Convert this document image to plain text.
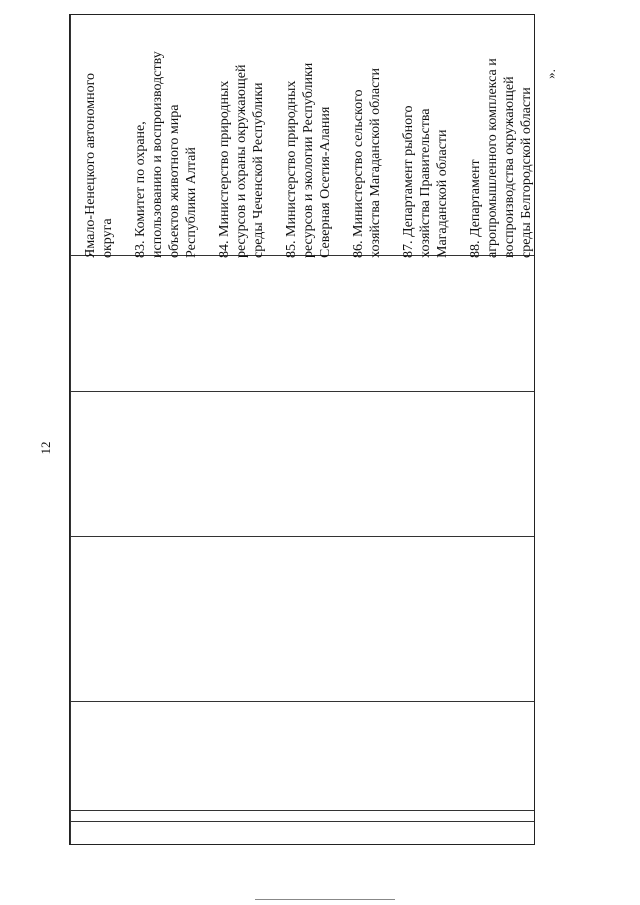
12
Ямало-Ненецкого автономного округа 83. Комитет по охране, использованию и воспроизводству объектов животного мира Республики Алтай 84. Министерство природных ресурсов и охраны окружающей среды Чеченской Республики 85. Министерство природных ресурсов и экологии Республики Северная Осетия-Алания 86. Министерство сельского хозяйства Магаданской области 87. Департамент рыбного хозяйства Правительства Магаданской области 88. Департамент агропромышленного комплекса и воспроизводства окружающей среды Белгородской области
».
